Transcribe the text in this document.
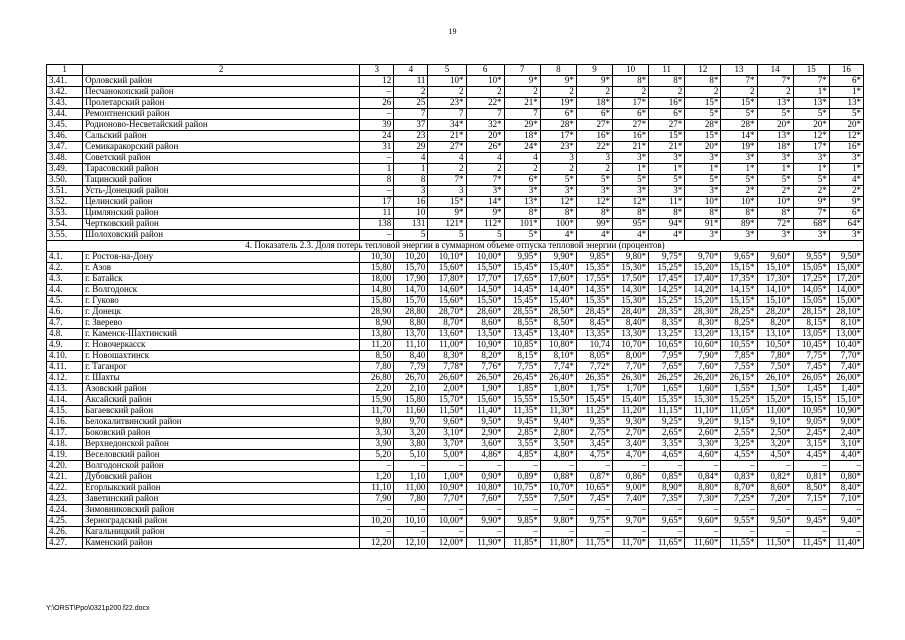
19
1	2	3	4	5	6	7	8	9	10	11	12	13	14	15	16
3.41.	Орловский район	12	11	10*	10*	9*	9*	9*	8*	8*	8*	7*	7*	7*	6*
3.42.	Песчанокопский район	–	2	2	2	2	2	2	2	2	2	2	2	1*	1*
3.43.	Пролетарский район	26	25	23*	22*	21*	19*	18*	17*	16*	15*	15*	13*	13*	13*
3.44.	Ремонтненский район	–	7	7	7	7	6*	6*	6*	6*	5*	5*	5*	5*	5*
3.45.	Родионово-Несветайский район	39	37	34*	32*	29*	28*	27*	27*	27*	28*	28*	20*	20*	20*
3.46.	Сальский район	24	23	21*	20*	18*	17*	16*	16*	15*	15*	14*	13*	12*	12*
3.47.	Семикаракорский район	31	29	27*	26*	24*	23*	22*	21*	21*	20*	19*	18*	17*	16*
3.48.	Советский район	–	4	4	4	4	3	3	3*	3*	3*	3*	3*	3*	3*
3.49.	Тарасовский район	1	1	2	2	2	2	2	1*	1*	1*	1*	1*	1*	1*
3.50.	Тацинский район	8	8	7*	7*	6*	5*	5*	5*	5*	5*	5*	5*	5*	4*
3.51.	Усть-Донецкий район	–	3	3	3*	3*	3*	3*	3*	3*	3*	2*	2*	2*	2*
3.52.	Целинский район	17	16	15*	14*	13*	12*	12*	12*	11*	10*	10*	10*	9*	9*
3.53.	Цимлянский район	11	10	9*	9*	8*	8*	8*	8*	8*	8*	8*	8*	7*	6*
3.54.	Чертковский район	138	131	121*	112*	101*	100*	99*	95*	94*	91*	89*	72*	68*	64*
3.55.	Шолоховский район	–	5	5	5	5*	4*	4*	4*	4*	3*	3*	3*	3*	3*
4. Показатель 2.3. Доля потерь тепловой энергии в суммарном объеме отпуска тепловой энергии (процентов)															
4.1.	г. Ростов-на-Дону	10,30	10,20	10,10*	10,00*	9,95*	9,90*	9,85*	9,80*	9,75*	9,70*	9,65*	9,60*	9,55*	9,50*
4.2.	г. Азов	15,80	15,70	15,60*	15,50*	15,45*	15,40*	15,35*	15,30*	15,25*	15,20*	15,15*	15,10*	15,05*	15,00*
4.3.	г. Батайск	18,00	17,90	17,80*	17,70*	17,65*	17,60*	17,55*	17,50*	17,45*	17,40*	17,35*	17,30*	17,25*	17,20*
4.4.	г. Волгодонск	14,80	14,70	14,60*	14,50*	14,45*	14,40*	14,35*	14,30*	14,25*	14,20*	14,15*	14,10*	14,05*	14,00*
4.5.	г. Гуково	15,80	15,70	15,60*	15,50*	15,45*	15,40*	15,35*	15,30*	15,25*	15,20*	15,15*	15,10*	15,05*	15,00*
4.6.	г. Донецк	28,90	28,80	28,70*	28,60*	28,55*	28,50*	28,45*	28,40*	28,35*	28,30*	28,25*	28,20*	28,15*	28,10*
4.7.	г. Зверево	8,90	8,80	8,70*	8,60*	8,55*	8,50*	8,45*	8,40*	8,35*	8,30*	8,25*	8,20*	8,15*	8,10*
4.8.	г. Каменск-Шахтинский	13,80	13,70	13,60*	13,50*	13,45*	13,40*	13,35*	13,30*	13,25*	13,20*	13,15*	13,10*	13,05*	13,00*
4.9.	г. Новочеркасск	11,20	11,10	11,00*	10,90*	10,85*	10,80*	10,74	10,70*	10,65*	10,60*	10,55*	10,50*	10,45*	10,40*
4.10.	г. Новошахтинск	8,50	8,40	8,30*	8,20*	8,15*	8,10*	8,05*	8,00*	7,95*	7,90*	7,85*	7,80*	7,75*	7,70*
4.11.	г. Таганрог	7,80	7,79	7,78*	7,76*	7,75*	7,74*	7,72*	7,70*	7,65*	7,60*	7,55*	7,50*	7,45*	7,40*
4.12.	г. Шахты	26,80	26,70	26,60*	26,50*	26,45*	26,40*	26,35*	26,30*	26,25*	26,20*	26,15*	26,10*	26,05*	26,00*
4.13.	Азовский район	2,20	2,10	2,00*	1,90*	1,85*	1,80*	1,75*	1,70*	1,65*	1,60*	1,55*	1,50*	1,45*	1,40*
4.14.	Аксайский район	15,90	15,80	15,70*	15,60*	15,55*	15,50*	15,45*	15,40*	15,35*	15,30*	15,25*	15,20*	15,15*	15,10*
4.15.	Багаевский район	11,70	11,60	11,50*	11,40*	11,35*	11,30*	11,25*	11,20*	11,15*	11,10*	11,05*	11,00*	10,95*	10,90*
4.16.	Белокалитвинский район	9,80	9,70	9,60*	9,50*	9,45*	9,40*	9,35*	9,30*	9,25*	9,20*	9,15*	9,10*	9,05*	9,00*
4.17.	Боковский район	3,30	3,20	3,10*	2,90*	2,85*	2,80*	2,75*	2,70*	2,65*	2,60*	2,55*	2,50*	2,45*	2,40*
4.18.	Верхнедонской район	3,90	3,80	3,70*	3,60*	3,55*	3,50*	3,45*	3,40*	3,35*	3,30*	3,25*	3,20*	3,15*	3,10*
4.19.	Веселовский район	5,20	5,10	5,00*	4,86*	4,85*	4,80*	4,75*	4,70*	4,65*	4,60*	4,55*	4,50*	4,45*	4,40*
4.20.	Волгодонской район	–	–	–	–	–	–	–	–	–	–	–	–	–	–
4.21.	Дубовский район	1,20	1,10	1,00*	0,90*	0,89*	0,88*	0,87*	0,86*	0,85*	0,84*	0,83*	0,82*	0,81*	0,80*
4.22.	Егорлыкский район	11,10	11,00	10,90*	10,80*	10,75*	10,70*	10,65*	9,00*	8,90*	8,80*	8,70*	8,60*	8,50*	8,40*
4.23.	Заветинский район	7,90	7,80	7,70*	7,60*	7,55*	7,50*	7,45*	7,40*	7,35*	7,30*	7,25*	7,20*	7,15*	7,10*
4.24.	Зимовниковский район	–	–	–	–	–	–	–	–	–	–	–	–	–	–
4.25.	Зерноградский район	10,20	10,10	10,00*	9,90*	9,85*	9,80*	9,75*	9,70*	9,65*	9,60*	9,55*	9,50*	9,45*	9,40*
4.26.	Кагальницкий район	–	–	–	–	–	–	–	–	–	–	–	–	–	–
4.27.	Каменский район	12,20	12,10	12,00*	11,90*	11,85*	11,80*	11,75*	11,70*	11,65*	11,60*	11,55*	11,50*	11,45*	11,40*
Y:\ORST\Ppo\0321p200.f22.docx
